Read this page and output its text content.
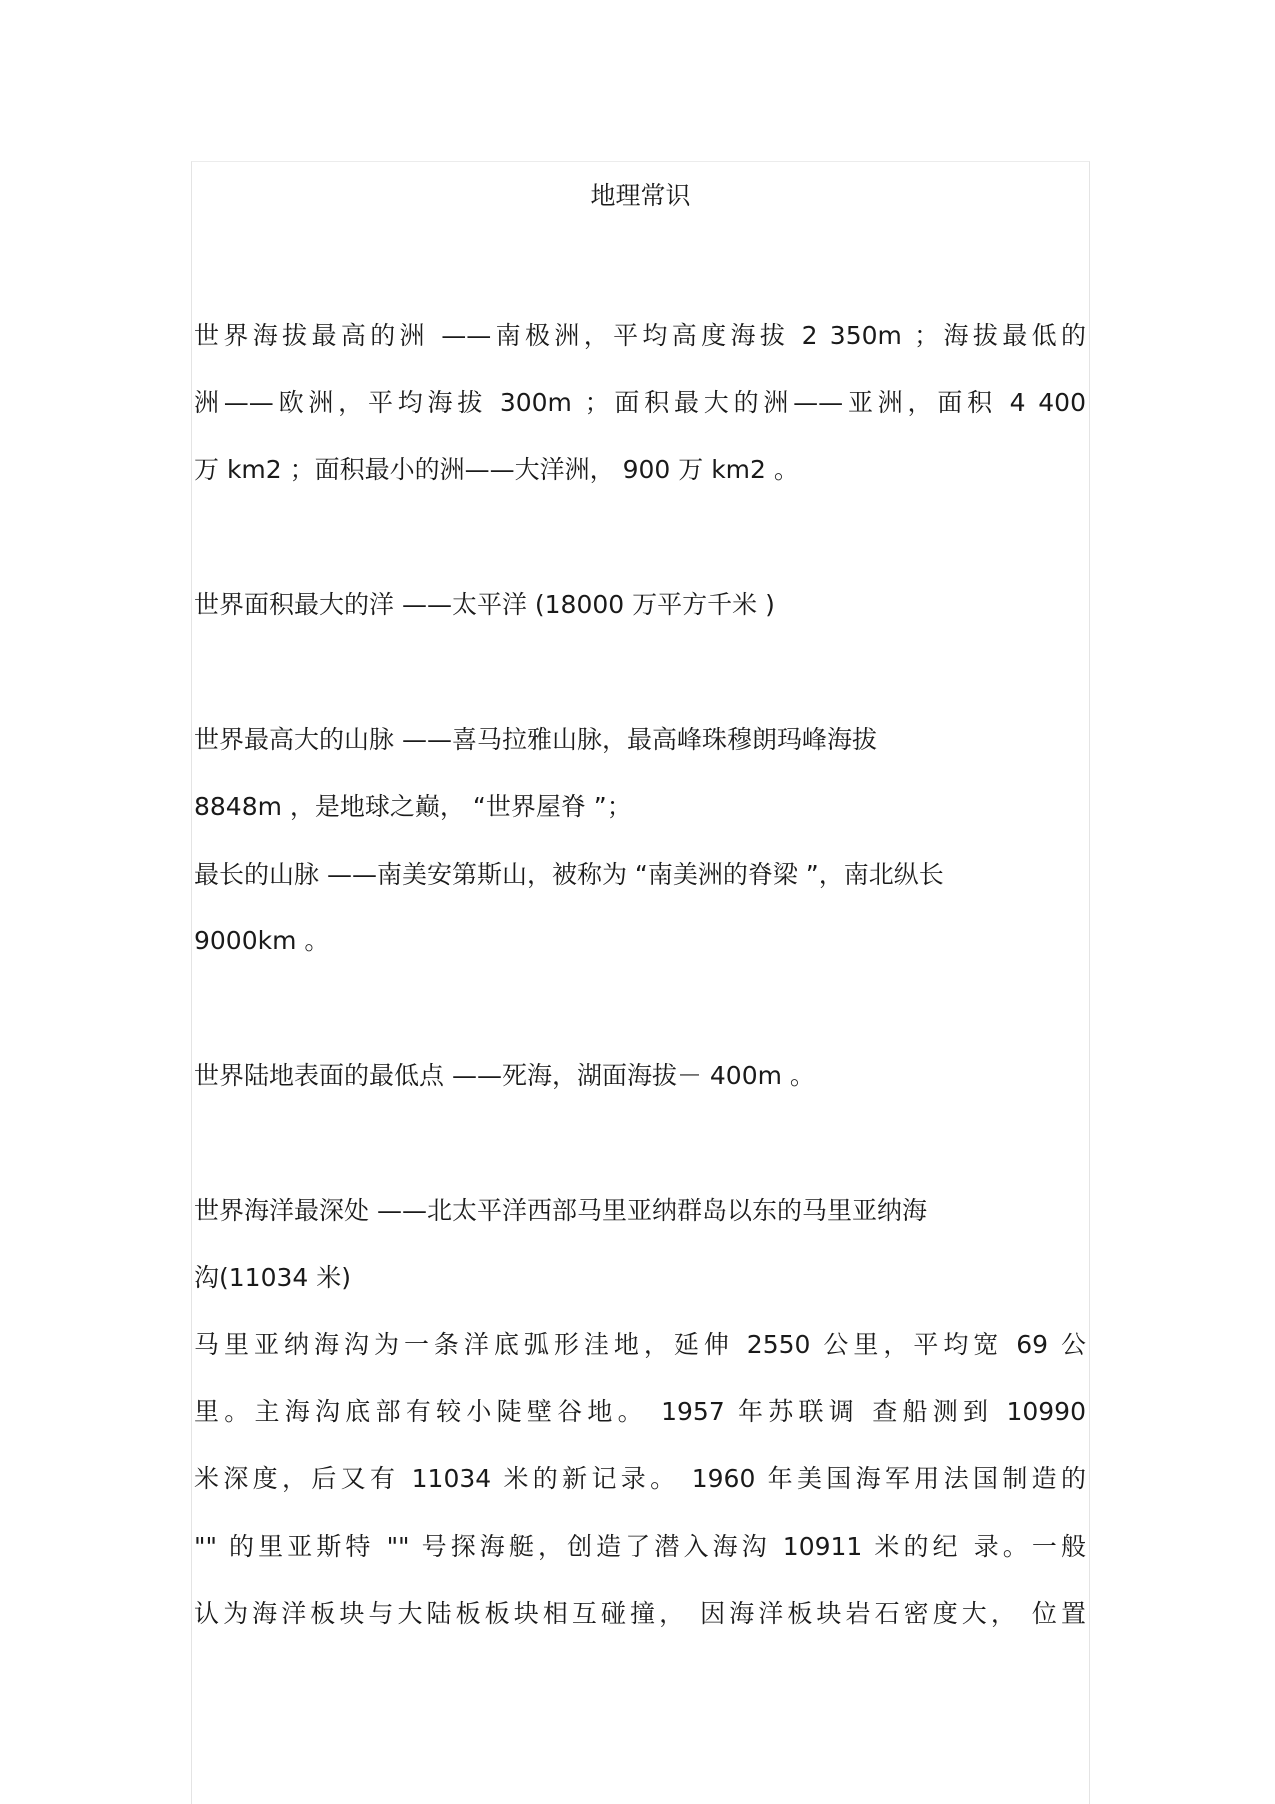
地理常识
世界海拔最高的洲 ——南极洲，平均高度海拔 2 350m ；海拔最低的
洲——欧洲，平均海拔 300m ；面积最大的洲——亚洲，面积 4 400
万 km2 ；面积最小的洲——大洋洲， 900 万 km2 。
世界面积最大的洋 ——太平洋 (18000 万平方千米 )
世界最高大的山脉 ——喜马拉雅山脉，最高峰珠穆朗玛峰海拔
8848m ，是地球之巅， “世界屋脊 ”；
最长的山脉 ——南美安第斯山，被称为 “南美洲的脊梁 ”，南北纵长
9000km 。
世界陆地表面的最低点 ——死海，湖面海拔－ 400m 。
世界海洋最深处 ——北太平洋西部马里亚纳群岛以东的马里亚纳海
沟(11034 米)
马里亚纳海沟为一条洋底弧形洼地，延伸 2550 公里，平均宽 69 公
里。主海沟底部有较小陡壁谷地。 1957 年苏联调 查船测到 10990
米深度，后又有 11034 米的新记录。 1960 年美国海军用法国制造的
"" 的里亚斯特 "" 号探海艇，创造了潜入海沟 10911 米的纪 录。一般
认为海洋板块与大陆板板块相互碰撞， 因海洋板块岩石密度大， 位置
